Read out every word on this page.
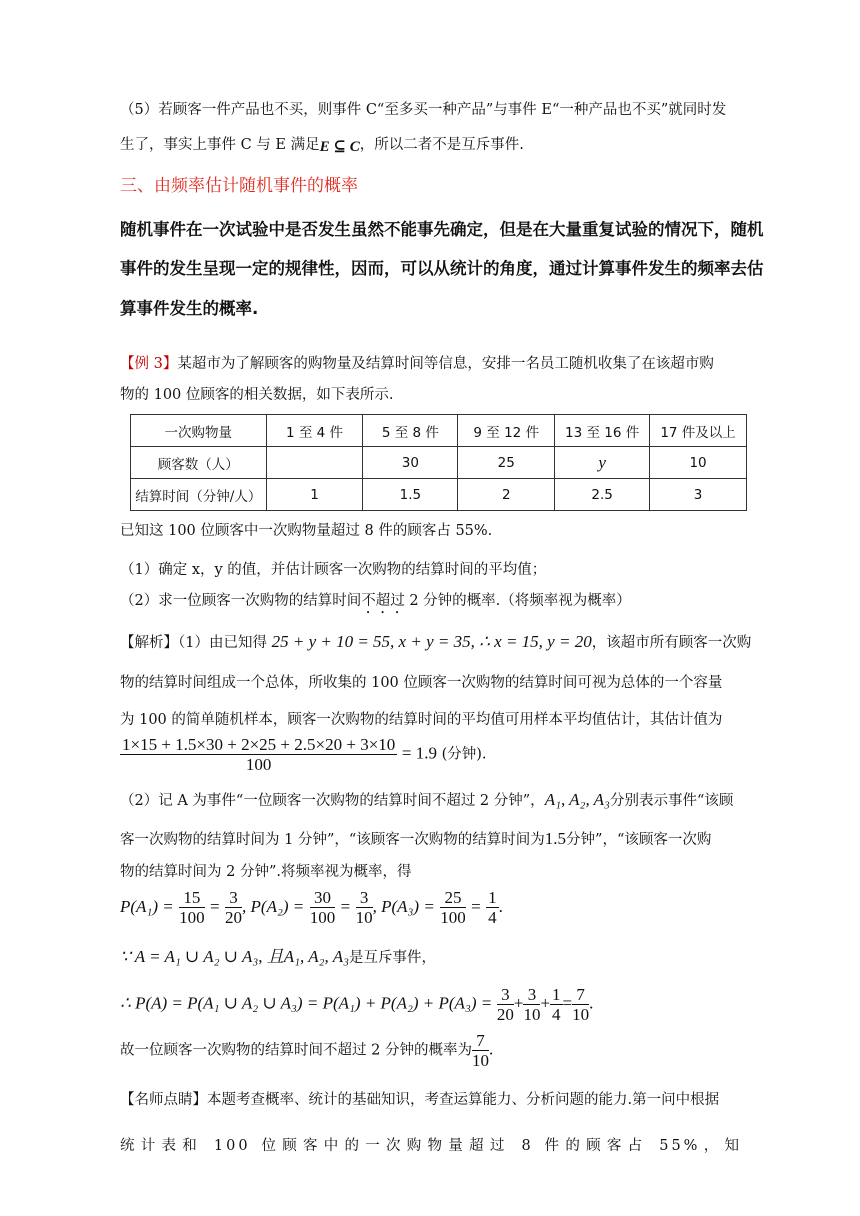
（5）若顾客一件产品也不买，则事件 C“至多买一种产品”与事件 E“一种产品也不买”就同时发
生了，事实上事件 C 与 E 满足E ⊆ C，所以二者不是互斥事件.
三、由频率估计随机事件的概率
随机事件在一次试验中是否发生虽然不能事先确定，但是在大量重复试验的情况下，随机
事件的发生呈现一定的规律性，因而，可以从统计的角度，通过计算事件发生的频率去估
算事件发生的概率.
【例 3】某超市为了解顾客的购物量及结算时间等信息，安排一名员工随机收集了在该超市购
物的 100 位顾客的相关数据，如下表所示.
一次购物量	1 至 4 件	5 至 8 件	9 至 12 件	13 至 16 件	17 件及以上
顾客数（人）		30	25	y	10
结算时间（分钟/人）	1	1.5	2	2.5	3
已知这 100 位顾客中一次购物量超过 8 件的顾客占 55%.
（1）确定 x，y 的值，并估计顾客一次购物的结算时间的平均值；
（2）求一位顾客一次购物的结算时间不超过 2 分钟的概率.（将频率视为概率）
【解析】（1）由已知得 25 + y + 10 = 55, x + y = 35, ∴ x = 15, y = 20，该超市所有顾客一次购
物的结算时间组成一个总体，所收集的 100 位顾客一次购物的结算时间可视为总体的一个容量
为 100 的简单随机样本，顾客一次购物的结算时间的平均值可用样本平均值估计，其估计值为
$\frac{1\times 15 + 1.5\times 30 + 2\times 25 + 2.5\times 20 + 3\times 10}{100} = 1.9$ (分钟).
（2）记 A 为事件“一位顾客一次购物的结算时间不超过 2 分钟”，A₁, A₂, A₃分别表示事件“该顾
客一次购物的结算时间为 1 分钟”，“该顾客一次购物的结算时间为1.5分钟”，“该顾客一次购
物的结算时间为 2 分钟”.将频率视为概率，得
$P(A_1) = \frac{15}{100} = \frac{3}{20}$ , $P(A_2) = \frac{30}{100} = \frac{3}{10}$ , $P(A_3) = \frac{25}{100} = \frac{1}{4}$ .
∵ A = A₁ ∪ A₂ ∪ A₃, 且A₁, A₂, A₃是互斥事件，
∴ P(A) = P(A₁ ∪ A₂ ∪ $A_3) = P(A_1) + P(A_2) + P(A_3) = \frac{3}{20} + \frac{3}{10} + \frac{1}{4} = \frac{7}{10}$ .
故一位顾客一次购物的结算时间不超过 2 分钟的概率为 $\frac{7}{10}$ .
【名师点睛】本题考查概率、统计的基础知识，考查运算能力、分析问题的能力.第一问中根据
统计表和 100 位顾客中的一次购物量超过 8 件的顾客占 55%，知
